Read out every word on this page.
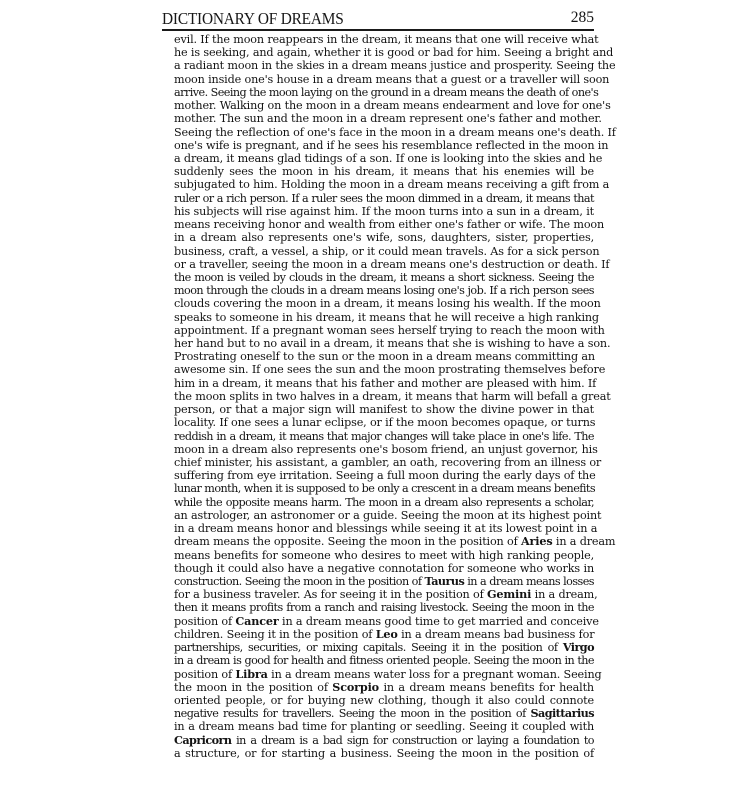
DICTIONARY OF DREAMS	285
evil. If the moon reappears in the dream, it means that one will receive what
he is seeking, and again, whether it is good or bad for him. Seeing a bright and
a radiant moon in the skies in a dream means justice and prosperity. Seeing the
moon inside one's house in a dream means that a guest or a traveller will soon
arrive. Seeing the moon laying on the ground in a dream means the death of one's
mother. Walking on the moon in a dream means endearment and love for one's
mother. The sun and the moon in a dream represent one's father and mother.
Seeing the reflection of one's face in the moon in a dream means one's death. If
one's wife is pregnant, and if he sees his resemblance reflected in the moon in
a dream, it means glad tidings of a son. If one is looking into the skies and he
suddenly sees the moon in his dream, it means that his enemies will be
subjugated to him. Holding the moon in a dream means receiving a gift from a
ruler or a rich person. If a ruler sees the moon dimmed in a dream, it means that
his subjects will rise against him. If the moon turns into a sun in a dream, it
means receiving honor and wealth from either one's father or wife. The moon
in a dream also represents one's wife, sons, daughters, sister, properties,
business, craft, a vessel, a ship, or it could mean travels. As for a sick person
or a traveller, seeing the moon in a dream means one's destruction or death. If
the moon is veiled by clouds in the dream, it means a short sickness. Seeing the
moon through the clouds in a dream means losing one's job. If a rich person sees
clouds covering the moon in a dream, it means losing his wealth. If the moon
speaks to someone in his dream, it means that he will receive a high ranking
appointment. If a pregnant woman sees herself trying to reach the moon with
her hand but to no avail in a dream, it means that she is wishing to have a son.
Prostrating oneself to the sun or the moon in a dream means committing an
awesome sin. If one sees the sun and the moon prostrating themselves before
him in a dream, it means that his father and mother are pleased with him. If
the moon splits in two halves in a dream, it means that harm will befall a great
person, or that a major sign will manifest to show the divine power in that
locality. If one sees a lunar eclipse, or if the moon becomes opaque, or turns
reddish in a dream, it means that major changes will take place in one's life. The
moon in a dream also represents one's bosom friend, an unjust governor, his
chief minister, his assistant, a gambler, an oath, recovering from an illness or
suffering from eye irritation. Seeing a full moon during the early days of the
lunar month, when it is supposed to be only a crescent in a dream means benefits
while the opposite means harm. The moon in a dream also represents a scholar,
an astrologer, an astronomer or a guide. Seeing the moon at its highest point
in a dream means honor and blessings while seeing it at its lowest point in a
dream means the opposite. Seeing the moon in the position of Aries in a dream
means benefits for someone who desires to meet with high ranking people,
though it could also have a negative connotation for someone who works in
construction. Seeing the moon in the position of Taurus in a dream means losses
for a business traveler. As for seeing it in the position of Gemini in a dream,
then it means profits from a ranch and raising livestock. Seeing the moon in the
position of Cancer in a dream means good time to get married and conceive
children. Seeing it in the position of Leo in a dream means bad business for
partnerships, securities, or mixing capitals. Seeing it in the position of Virgo
in a dream is good for health and fitness oriented people. Seeing the moon in the
position of Libra in a dream means water loss for a pregnant woman. Seeing
the moon in the position of Scorpio in a dream means benefits for health
oriented people, or for buying new clothing, though it also could connote
negative results for travellers. Seeing the moon in the position of Sagittarius
in a dream means bad time for planting or seedling. Seeing it coupled with
Capricorn in a dream is a bad sign for construction or laying a foundation to
a structure, or for starting a business. Seeing the moon in the position of
